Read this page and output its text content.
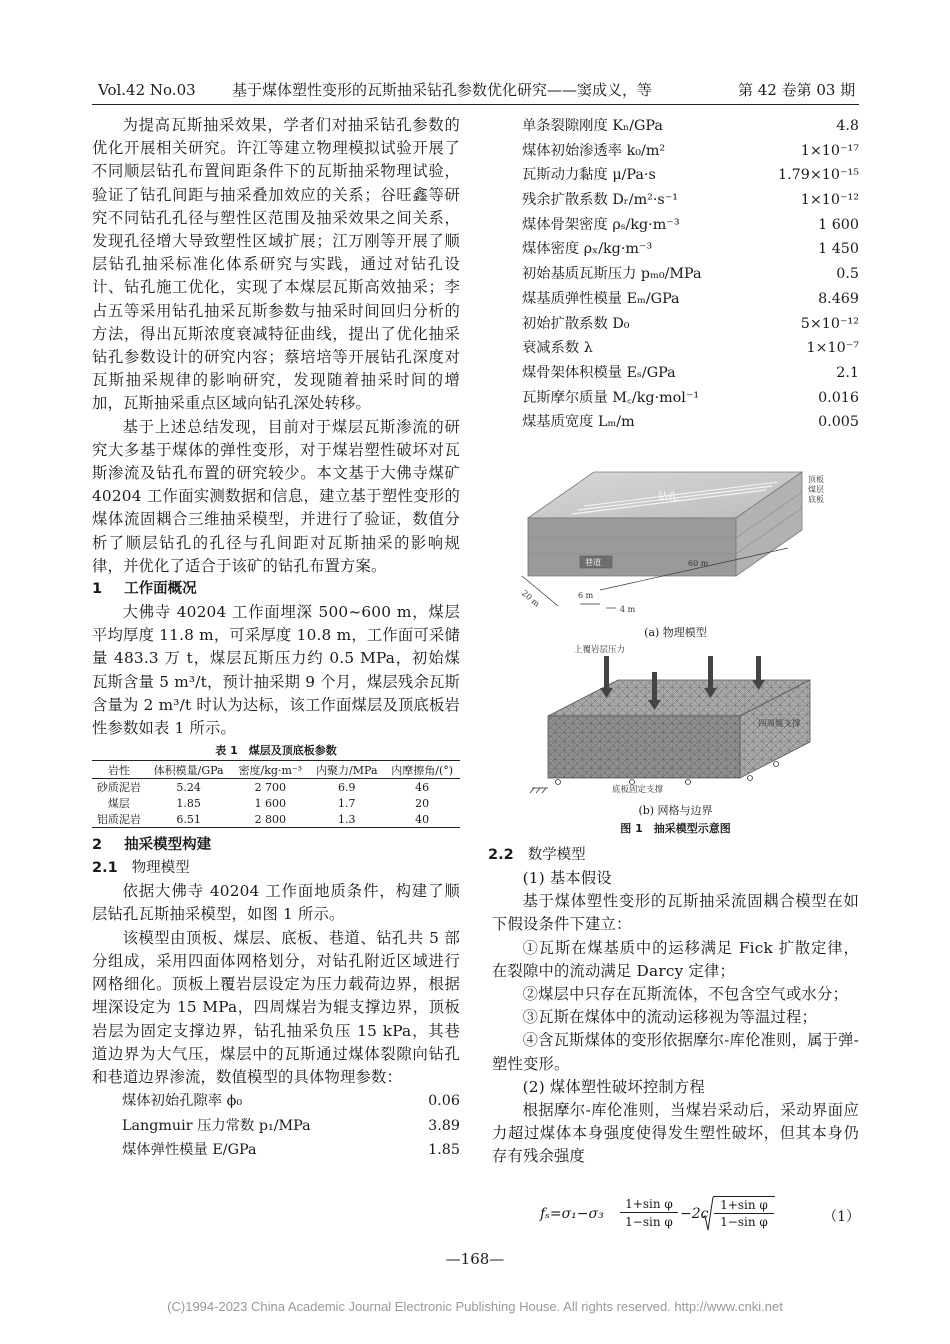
Vol.42 No.03 基于煤体塑性变形的瓦斯抽采钻孔参数优化研究——窦成义，等	第 42 卷第 03 期

为提高瓦斯抽采效果，学者们对抽采钻孔参数的优化开展相关研究。许江等建立物理模拟试验开展了不同顺层钻孔布置间距条件下的瓦斯抽采物理试验，验证了钻孔间距与抽采叠加效应的关系；谷旺鑫等研究不同钻孔孔径与塑性区范围及抽采效果之间关系，发现孔径增大导致塑性区域扩展；江万刚等开展了顺层钻孔抽采标准化体系研究与实践，通过对钻孔设计、钻孔施工优化，实现了本煤层瓦斯高效抽采；李占五等采用钻孔抽采瓦斯参数与抽采时间回归分析的方法，得出瓦斯浓度衰减特征曲线，提出了优化抽采钻孔参数设计的研究内容；蔡培培等开展钻孔深度对瓦斯抽采规律的影响研究，发现随着抽采时间的增加，瓦斯抽采重点区域向钻孔深处转移。

基于上述总结发现，目前对于煤层瓦斯渗流的研究大多基于煤体的弹性变形，对于煤岩塑性破坏对瓦斯渗流及钻孔布置的研究较少。本文基于大佛寺煤矿 40204 工作面实测数据和信息，建立基于塑性变形的煤体流固耦合三维抽采模型，并进行了验证，数值分析了顺层钻孔的孔径与孔间距对瓦斯抽采的影响规律，并优化了适合于该矿的钻孔布置方案。

1 工作面概况

大佛寺 40204 工作面埋深 500~600 m，煤层平均厚度 11.8 m，可采厚度 10.8 m，工作面可采储量 483.3 万 t，煤层瓦斯压力约 0.5 MPa，初始煤瓦斯含量 5 m³/t，预计抽采期 9 个月，煤层残余瓦斯含量为 2 m³/t 时认为达标，该工作面煤层及顶底板岩性参数如表 1 所示。

表 1　煤层及顶底板参数
岩性	体积模量/GPa	密度/kg·m⁻³	内聚力/MPa	内摩擦角/(°)
砂质泥岩	5.24	2 700	6.9	46
煤层	1.85	1 600	1.7	20
铝质泥岩	6.51	2 800	1.3	40
2 抽采模型构建
2.1 物理模型

依据大佛寺 40204 工作面地质条件，构建了顺层钻孔瓦斯抽采模型，如图 1 所示。

该模型由顶板、煤层、底板、巷道、钻孔共 5 部分组成，采用四面体网格划分，对钻孔附近区域进行网格细化。顶板上覆岩层设定为压力载荷边界，根据埋深设定为 15 MPa，四周煤岩为辊支撑边界，顶板岩层为固定支撑边界，钻孔抽采负压 15 kPa，其巷道边界为大气压，煤层中的瓦斯通过煤体裂隙向钻孔和巷道边界渗流，数值模型的具体物理参数：

煤体初始孔隙率 ϕ₀	0.06
Langmuir 压力常数 p₁/MPa	3.89
煤体弹性模量 E/GPa	1.85
单条裂隙刚度 Kₙ/GPa	4.8
煤体初始渗透率 k₀/m²	1×10⁻¹⁷
瓦斯动力黏度 μ/Pa·s	1.79×10⁻¹⁵
残余扩散系数 Dᵣ/m²·s⁻¹	1×10⁻¹²
煤体骨架密度 ρₛ/kg·m⁻³	1 600
煤体密度 ρₓ/kg·m⁻³	1 450
初始基质瓦斯压力 pₘ₀/MPa	0.5
煤基质弹性模量 Eₘ/GPa	8.469
初始扩散系数 D₀	5×10⁻¹²
衰减系数 λ	1×10⁻⁷
煤骨架体积模量 Eₛ/GPa	2.1
瓦斯摩尔质量 M꜀/kg·mol⁻¹	0.016
煤基质宽度 Lₘ/m	0.005
钻孔
顶板
煤层
底板
巷道	60 m
20 m	6 m
4 m
(a) 物理模型
上覆岩层压力
四周辊支撑
底板固定支撑
(b) 网格与边界
图 1　抽采模型示意图
2.2 数学模型

(1) 基本假设

基于煤体塑性变形的瓦斯抽采流固耦合模型在如下假设条件下建立：

①瓦斯在煤基质中的运移满足 Fick 扩散定律，在裂隙中的流动满足 Darcy 定律；

②煤层中只存在瓦斯流体，不包含空气或水分；

③瓦斯在煤体中的流动运移视为等温过程；

④含瓦斯煤体的变形依据摩尔-库伦准则，属于弹-塑性变形。

(2) 煤体塑性破坏控制方程

根据摩尔-库伦准则，当煤岩采动后，采动界面应力超过煤体本身强度使得发生塑性破坏，但其本身仍存有残余强度

fₛ=σ₁−σ₃
1+sin φ
1−sin φ −2c
1+sin φ
1−sin φ	（1）
—168—
(C)1994-2023 China Academic Journal Electronic Publishing House. All rights reserved. http://www.cnki.net
